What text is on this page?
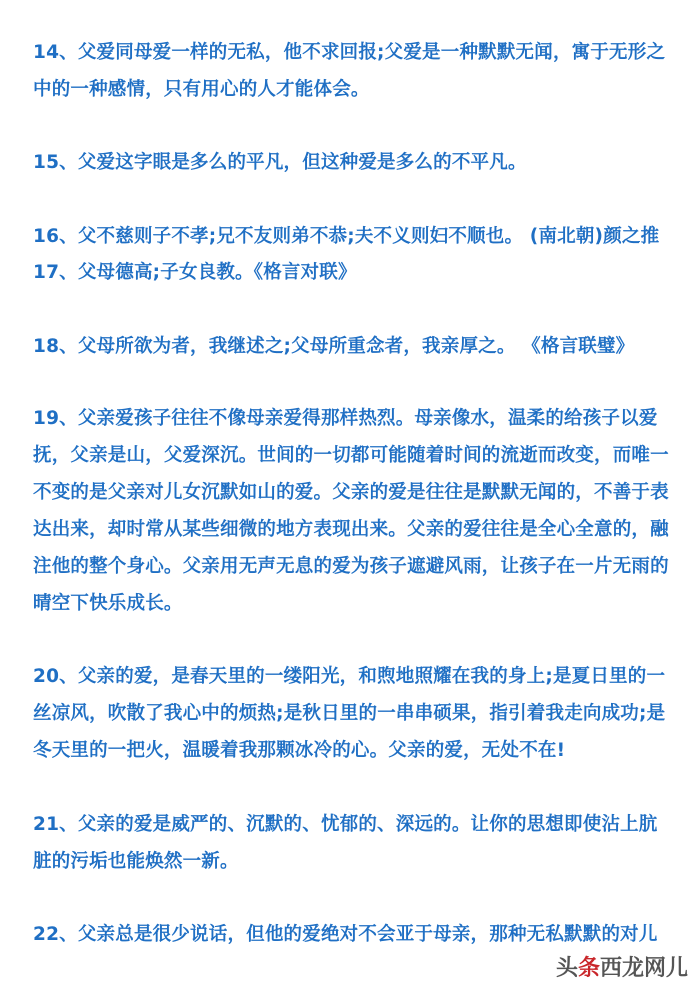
14、父爱同母爱一样的无私，他不求回报;父爱是一种默默无闻，寓于无形之
中的一种感情，只有用心的人才能体会。
15、父爱这字眼是多么的平凡，但这种爱是多么的不平凡。
16、父不慈则子不孝;兄不友则弟不恭;夫不义则妇不顺也。 (南北朝)颜之推
17、父母德高;子女良教。《格言对联》
18、父母所欲为者，我继述之;父母所重念者，我亲厚之。 《格言联璧》
19、父亲爱孩子往往不像母亲爱得那样热烈。母亲像水，温柔的给孩子以爱
抚，父亲是山，父爱深沉。世间的一切都可能随着时间的流逝而改变，而唯一
不变的是父亲对儿女沉默如山的爱。父亲的爱是往往是默默无闻的，不善于表
达出来，却时常从某些细微的地方表现出来。父亲的爱往往是全心全意的，融
注他的整个身心。父亲用无声无息的爱为孩子遮避风雨，让孩子在一片无雨的
晴空下快乐成长。
20、父亲的爱，是春天里的一缕阳光，和煦地照耀在我的身上;是夏日里的一
丝凉风，吹散了我心中的烦热;是秋日里的一串串硕果，指引着我走向成功;是
冬天里的一把火，温暖着我那颗冰冷的心。父亲的爱，无处不在!
21、父亲的爱是威严的、沉默的、忧郁的、深远的。让你的思想即使沾上肮
脏的污垢也能焕然一新。
22、父亲总是很少说话，但他的爱绝对不会亚于母亲，那种无私默默的对儿
头条西龙网儿
